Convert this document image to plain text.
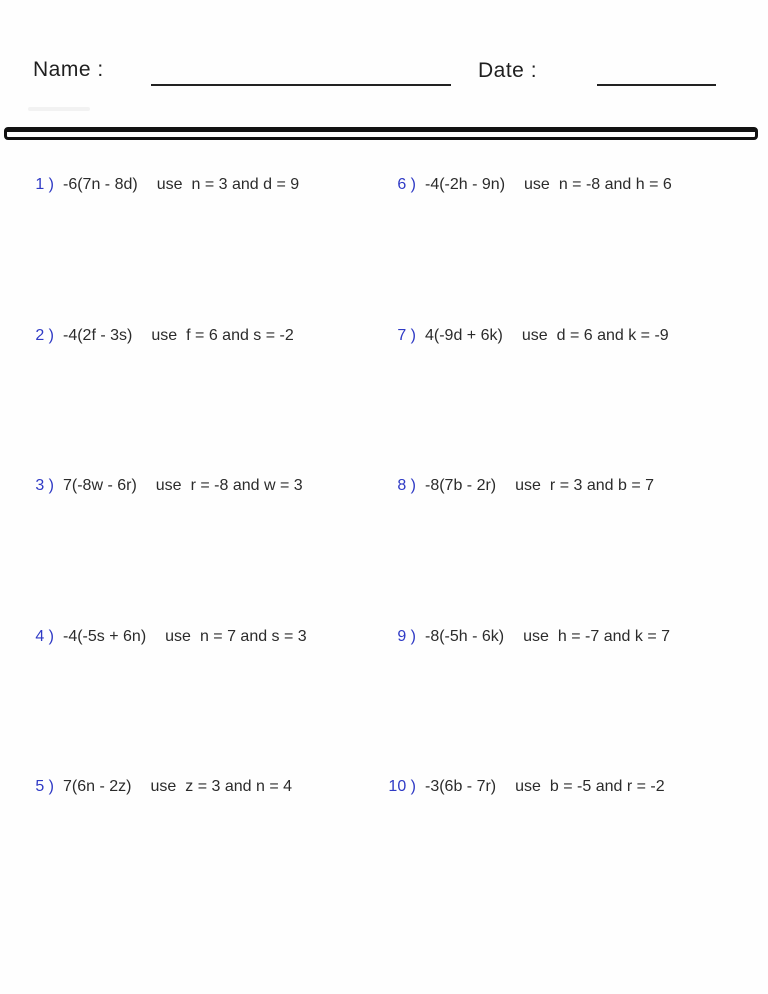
Name :	Date :
1 ) -6(7n - 8d) use n = 3 and d = 9
2 ) -4(2f - 3s) use f = 6 and s = -2
3 ) 7(-8w - 6r) use r = -8 and w = 3
4 ) -4(-5s + 6n) use n = 7 and s = 3
5 ) 7(6n - 2z) use z = 3 and n = 4
6 ) -4(-2h - 9n) use n = -8 and h = 6
7 ) 4(-9d + 6k) use d = 6 and k = -9
8 ) -8(7b - 2r) use r = 3 and b = 7
9 ) -8(-5h - 6k) use h = -7 and k = 7
10 ) -3(6b - 7r) use b = -5 and r = -2
